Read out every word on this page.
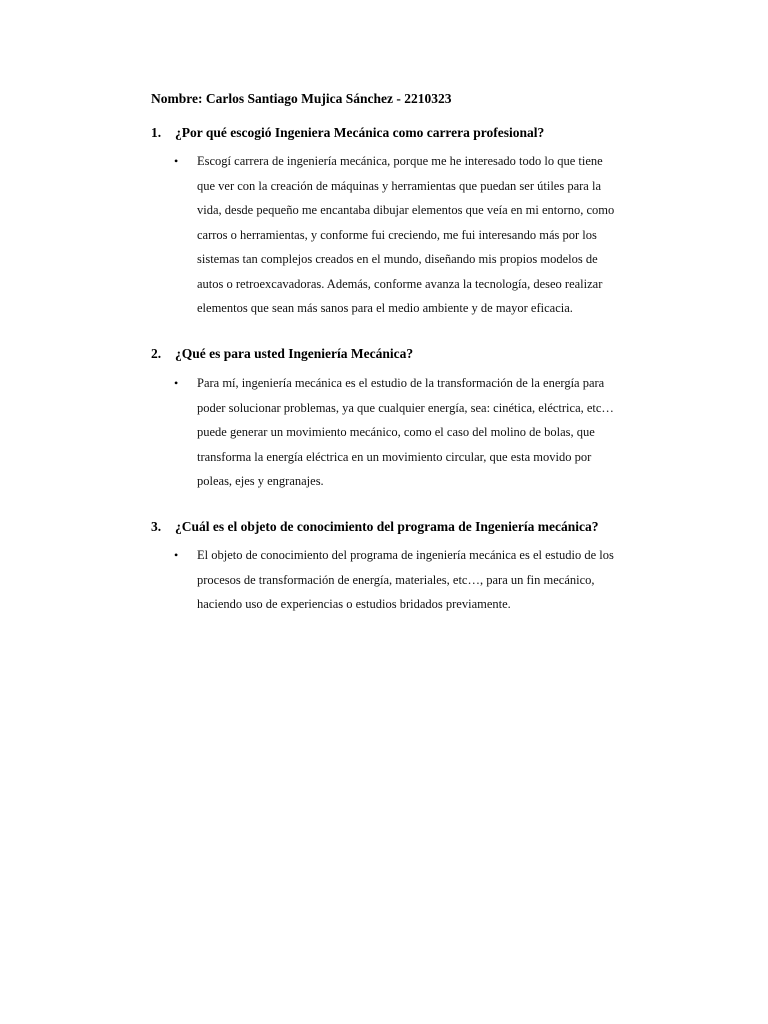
Nombre: Carlos Santiago Mujica Sánchez - 2210323
1. ¿Por qué escogió Ingeniera Mecánica como carrera profesional?
• Escogí carrera de ingeniería mecánica, porque me he interesado todo lo que tiene
que ver con la creación de máquinas y herramientas que puedan ser útiles para la
vida, desde pequeño me encantaba dibujar elementos que veía en mi entorno, como
carros o herramientas, y conforme fui creciendo, me fui interesando más por los
sistemas tan complejos creados en el mundo, diseñando mis propios modelos de
autos o retroexcavadoras. Además, conforme avanza la tecnología, deseo realizar
elementos que sean más sanos para el medio ambiente y de mayor eficacia.
2. ¿Qué es para usted Ingeniería Mecánica?
• Para mí, ingeniería mecánica es el estudio de la transformación de la energía para
poder solucionar problemas, ya que cualquier energía, sea: cinética, eléctrica, etc…
puede generar un movimiento mecánico, como el caso del molino de bolas, que
transforma la energía eléctrica en un movimiento circular, que esta movido por
poleas, ejes y engranajes.
3. ¿Cuál es el objeto de conocimiento del programa de Ingeniería mecánica?
• El objeto de conocimiento del programa de ingeniería mecánica es el estudio de los
procesos de transformación de energía, materiales, etc…, para un fin mecánico,
haciendo uso de experiencias o estudios bridados previamente.
